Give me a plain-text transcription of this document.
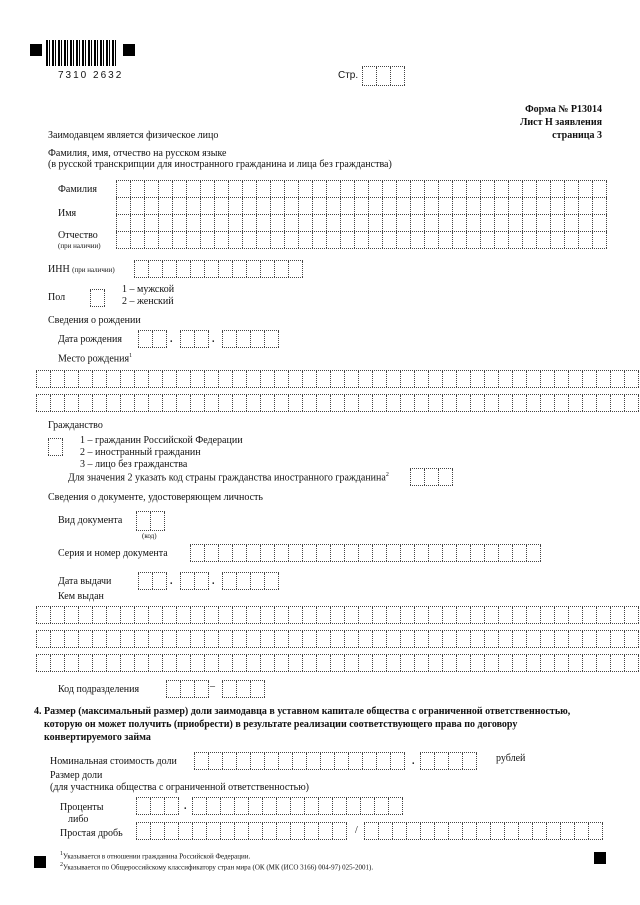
7310 2632	Стр.
Форма № Р13014
Лист Н заявления
страница 3
Заимодавцем является физическое лицо
Фамилия, имя, отчество на русском языке
(в русской транскрипции для иностранного гражданина и лица без гражданства)
Фамилия
Имя
Отчество
(при наличии)
ИНН (при наличии)
Пол
1 – мужской
2 – женский
Сведения о рождении
Дата рождения	.	.
Место рождения$^1$
Гражданство
1 – гражданин Российской Федерации
2 – иностранный гражданин
3 – лицо без гражданства
Для значения 2 указать код страны гражданства иностранного гражданина$^2$
Сведения о документе, удостоверяющем личность
Вид документа
(код)
Серия и номер документа
Дата выдачи	.	.
Кем выдан
Код подразделения	–
4. Размер (максимальный размер) доли заимодавца в уставном капитале общества с ограниченной ответственностью,
которую он может получить (приобрести) в результате реализации соответствующего права по договору
конвертируемого займа
Номинальная стоимость доли	.	рублей
Размер доли
(для участника общества с ограниченной ответственностью)
Проценты	.
либо
Простая дробь	/
$^1$Указывается в отношении гражданина Российской Федерации.
$^2$Указывается по Общероссийскому классификатору стран мира (ОК (МК (ИСО 3166) 004-97) 025-2001).
